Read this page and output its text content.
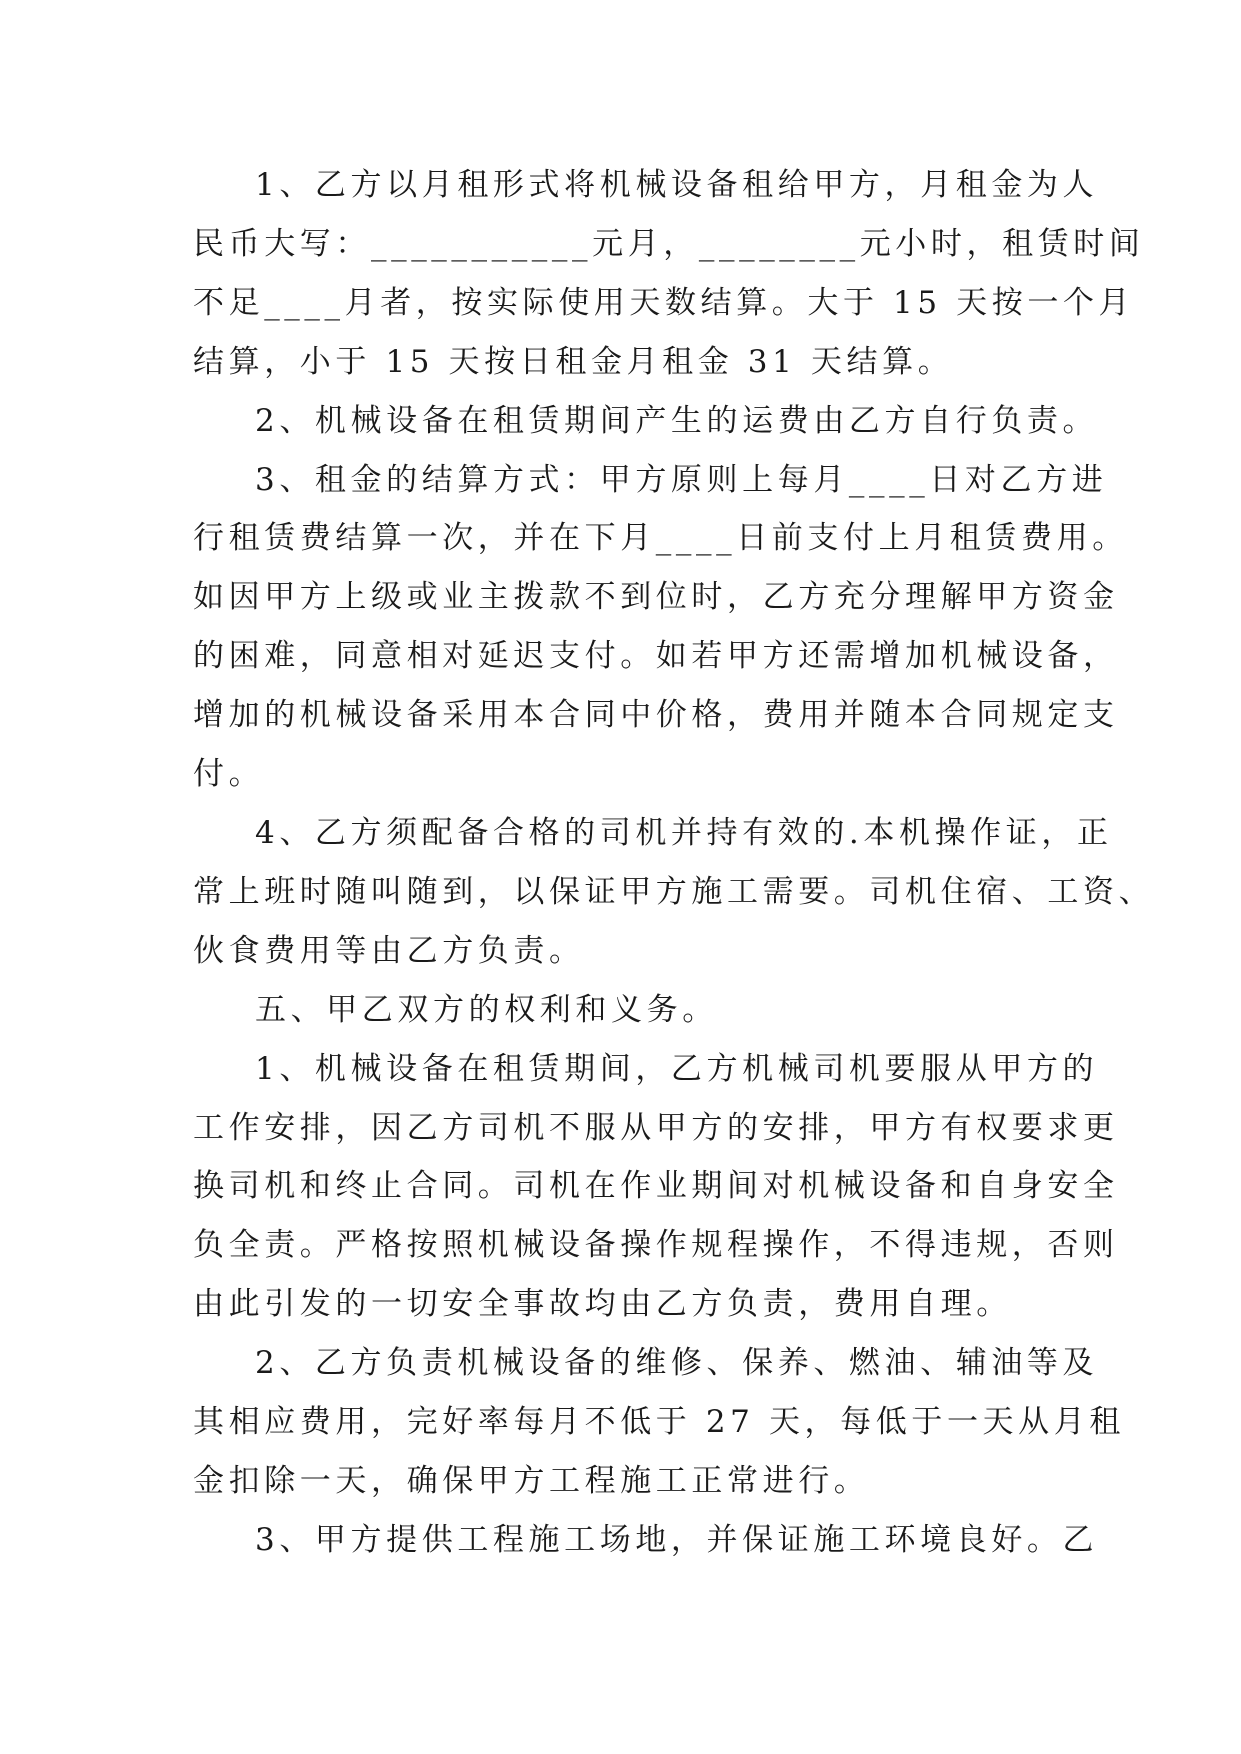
1、乙方以月租形式将机械设备租给甲方，月租金为人
民币大写：___________元月，________元小时，租赁时间
不足____月者，按实际使用天数结算。大于 15 天按一个月
结算，小于 15 天按日租金月租金 31 天结算。

2、机械设备在租赁期间产生的运费由乙方自行负责。

3、租金的结算方式：甲方原则上每月____日对乙方进
行租赁费结算一次，并在下月____日前支付上月租赁费用。
如因甲方上级或业主拨款不到位时，乙方充分理解甲方资金
的困难，同意相对延迟支付。如若甲方还需增加机械设备，
增加的机械设备采用本合同中价格，费用并随本合同规定支
付。

4、乙方须配备合格的司机并持有效的.本机操作证，正
常上班时随叫随到，以保证甲方施工需要。司机住宿、工资、
伙食费用等由乙方负责。

五、甲乙双方的权利和义务。

1、机械设备在租赁期间，乙方机械司机要服从甲方的
工作安排，因乙方司机不服从甲方的安排，甲方有权要求更
换司机和终止合同。司机在作业期间对机械设备和自身安全
负全责。严格按照机械设备操作规程操作，不得违规，否则
由此引发的一切安全事故均由乙方负责，费用自理。

2、乙方负责机械设备的维修、保养、燃油、辅油等及
其相应费用，完好率每月不低于 27 天，每低于一天从月租
金扣除一天，确保甲方工程施工正常进行。

3、甲方提供工程施工场地，并保证施工环境良好。乙
